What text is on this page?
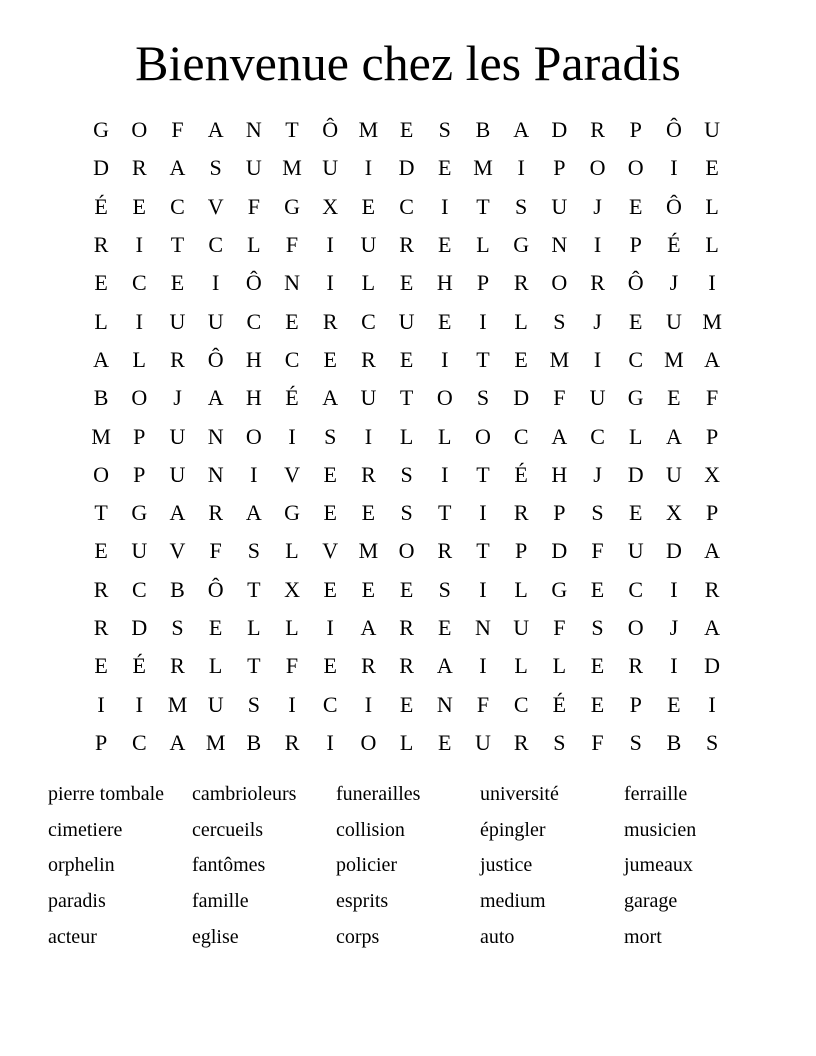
Bienvenue chez les Paradis
G	O	F	A	N	T	Ô M E	S	B	A	D	R	P	Ô	U
D	R	A	S	U M U	I	D	E M	I	P	O	O	I	E
É	E	C	V	F	G	X	E	C	I	T	S	U	J	E	Ô	L
R	I	T	C	L	F	I	U	R	E	L	G	N	I	P	É	L
E	C	E	I	Ô	N	I	L	E	H	P	R	O	R	Ô	J	I
L	I	U	U	C	E	R	C	U	E	I	L	S	J	E	U M
A	L	R	Ô	H	C	E	R	E	I	T	E M	I	C M A
B	O	J	A	H	É	A	U	T	O	S	D	F	U	G	E	F
M	P	U	N	O	I	S	I	L	L	O	C	A	C	L	A	P
O	P	U	N	I	V	E	R	S	I	T	É	H	J	D	U	X
T	G	A	R	A	G	E	E	S	T	I	R	P	S	E	X	P
E	U	V	F	S	L	V M O	R	T	P	D	F	U	D	A
R	C	B	Ô	T	X	E	E	E	S	I	L	G	E	C	I	R
R	D	S	E	L	L	I	A	R	E	N	U	F	S	O	J	A
E	É	R	L	T	F	E	R	R	A	I	L	L	E	R	I	D
I	I	M U	S	I	C	I	E	N	F	C	É	E	P	E	I
P	C	A M B	R	I	O	L	E	U	R	S	F	S	B	S
pierre tombale	cambrioleurs	funerailles	université	ferraille
cimetiere	cercueils	collision	épingler	musicien
orphelin	fantômes	policier	justice	jumeaux
paradis	famille	esprits	medium	garage
acteur	eglise	corps	auto	mort
